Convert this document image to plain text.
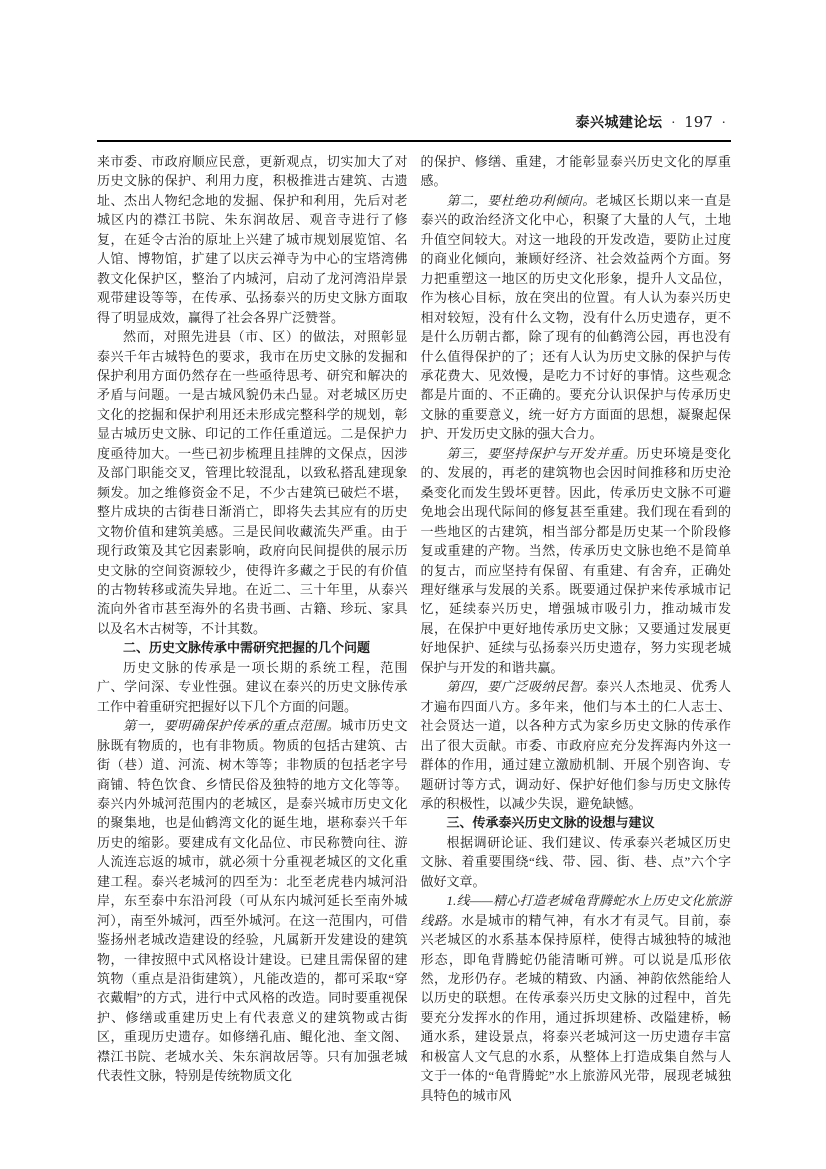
泰兴城建论坛 · 197 ·

来市委、市政府顺应民意，更新观点，切实加大了对历史文脉的保护、利用力度，积极推进古建筑、古遗址、杰出人物纪念地的发掘、保护和利用，先后对老城区内的襟江书院、朱东润故居、观音寺进行了修复，在延令古治的原址上兴建了城市规划展览馆、名人馆、博物馆，扩建了以庆云禅寺为中心的宝塔湾佛教文化保护区，整治了内城河，启动了龙河湾沿岸景观带建设等等，在传承、弘扬泰兴的历史文脉方面取得了明显成效，赢得了社会各界广泛赞誉。

然而，对照先进县（市、区）的做法，对照彰显泰兴千年古城特色的要求，我市在历史文脉的发掘和保护利用方面仍然存在一些亟待思考、研究和解决的矛盾与问题。一是古城风貌仍未凸显。对老城区历史文化的挖掘和保护利用还未形成完整科学的规划，彰显古城历史文脉、印记的工作任重道远。二是保护力度亟待加大。一些已初步梳理且挂牌的文保点，因涉及部门职能交叉，管理比较混乱，以致私搭乱建现象频发。加之维修资金不足，不少古建筑已破烂不堪，整片成块的古街巷日渐消亡，即将失去其应有的历史文物价值和建筑美感。三是民间收藏流失严重。由于现行政策及其它因素影响，政府向民间提供的展示历史文脉的空间资源较少，使得许多藏之于民的有价值的古物转移或流失异地。在近二、三十年里，从泰兴流向外省市甚至海外的名贵书画、古籍、珍玩、家具以及名木古树等，不计其数。

二、历史文脉传承中需研究把握的几个问题

历史文脉的传承是一项长期的系统工程，范围广、学问深、专业性强。建议在泰兴的历史文脉传承工作中着重研究把握好以下几个方面的问题。

第一，要明确保护传承的重点范围。城市历史文脉既有物质的，也有非物质。物质的包括古建筑、古街（巷）道、河流、树木等等；非物质的包括老字号商铺、特色饮食、乡情民俗及独特的地方文化等等。泰兴内外城河范围内的老城区，是泰兴城市历史文化的聚集地，也是仙鹤湾文化的诞生地，堪称泰兴千年历史的缩影。要建成有文化品位、市民称赞向往、游人流连忘返的城市，就必须十分重视老城区的文化重建工程。泰兴老城河的四至为：北至老虎巷内城河沿岸，东至泰中东沿河段（可从东内城河延长至南外城河），南至外城河，西至外城河。在这一范围内，可借鉴扬州老城改造建设的经验，凡属新开发建设的建筑物，一律按照中式风格设计建设。已建且需保留的建筑物（重点是沿街建筑），凡能改造的，都可采取“穿衣戴帽”的方式，进行中式风格的改造。同时要重视保护、修缮或重建历史上有代表意义的建筑物或古街区，重现历史遗存。如修缮孔庙、鲲化池、奎文阁、襟江书院、老城水关、朱东润故居等。只有加强老城代表性文脉，特别是传统物质文化

的保护、修缮、重建，才能彰显泰兴历史文化的厚重感。

第二，要杜绝功利倾向。老城区长期以来一直是泰兴的政治经济文化中心，积聚了大量的人气，土地升值空间较大。对这一地段的开发改造，要防止过度的商业化倾向，兼顾好经济、社会效益两个方面。努力把重塑这一地区的历史文化形象，提升人文品位，作为核心目标，放在突出的位置。有人认为泰兴历史相对较短，没有什么文物，没有什么历史遗存，更不是什么历朝古都，除了现有的仙鹤湾公园，再也没有什么值得保护的了；还有人认为历史文脉的保护与传承花费大、见效慢，是吃力不讨好的事情。这些观念都是片面的、不正确的。要充分认识保护与传承历史文脉的重要意义，统一好方方面面的思想，凝聚起保护、开发历史文脉的强大合力。

第三，要坚持保护与开发并重。历史环境是变化的、发展的，再老的建筑物也会因时间推移和历史沧桑变化而发生毁坏更替。因此，传承历史文脉不可避免地会出现代际间的修复甚至重建。我们现在看到的一些地区的古建筑，相当部分都是历史某一个阶段修复或重建的产物。当然，传承历史文脉也绝不是简单的复古，而应坚持有保留、有重建、有舍弃，正确处理好继承与发展的关系。既要通过保护来传承城市记忆，延续泰兴历史，增强城市吸引力，推动城市发展，在保护中更好地传承历史文脉；又要通过发展更好地保护、延续与弘扬泰兴历史遗存，努力实现老城保护与开发的和谐共赢。

第四，要广泛吸纳民智。泰兴人杰地灵、优秀人才遍布四面八方。多年来，他们与本土的仁人志士、社会贤达一道，以各种方式为家乡历史文脉的传承作出了很大贡献。市委、市政府应充分发挥海内外这一群体的作用，通过建立激励机制、开展个别咨询、专题研讨等方式，调动好、保护好他们参与历史文脉传承的积极性，以减少失误，避免缺憾。

三、传承泰兴历史文脉的设想与建议

根据调研论证、我们建议、传承泰兴老城区历史文脉、着重要围绕“线、带、园、街、巷、点”六个字做好文章。

1.线——精心打造老城龟背腾蛇水上历史文化旅游线路。水是城市的精气神，有水才有灵气。目前，泰兴老城区的水系基本保持原样，使得古城独特的城池形态，即龟背腾蛇仍能清晰可辨。可以说是瓜形依然，龙形仍存。老城的精致、内涵、神韵依然能给人以历史的联想。在传承泰兴历史文脉的过程中，首先要充分发挥水的作用，通过拆坝建桥、改隘建桥，畅通水系，建设景点，将泰兴老城河这一历史遗存丰富和极富人文气息的水系，从整体上打造成集自然与人文于一体的“龟背腾蛇”水上旅游风光带，展现老城独具特色的城市风
